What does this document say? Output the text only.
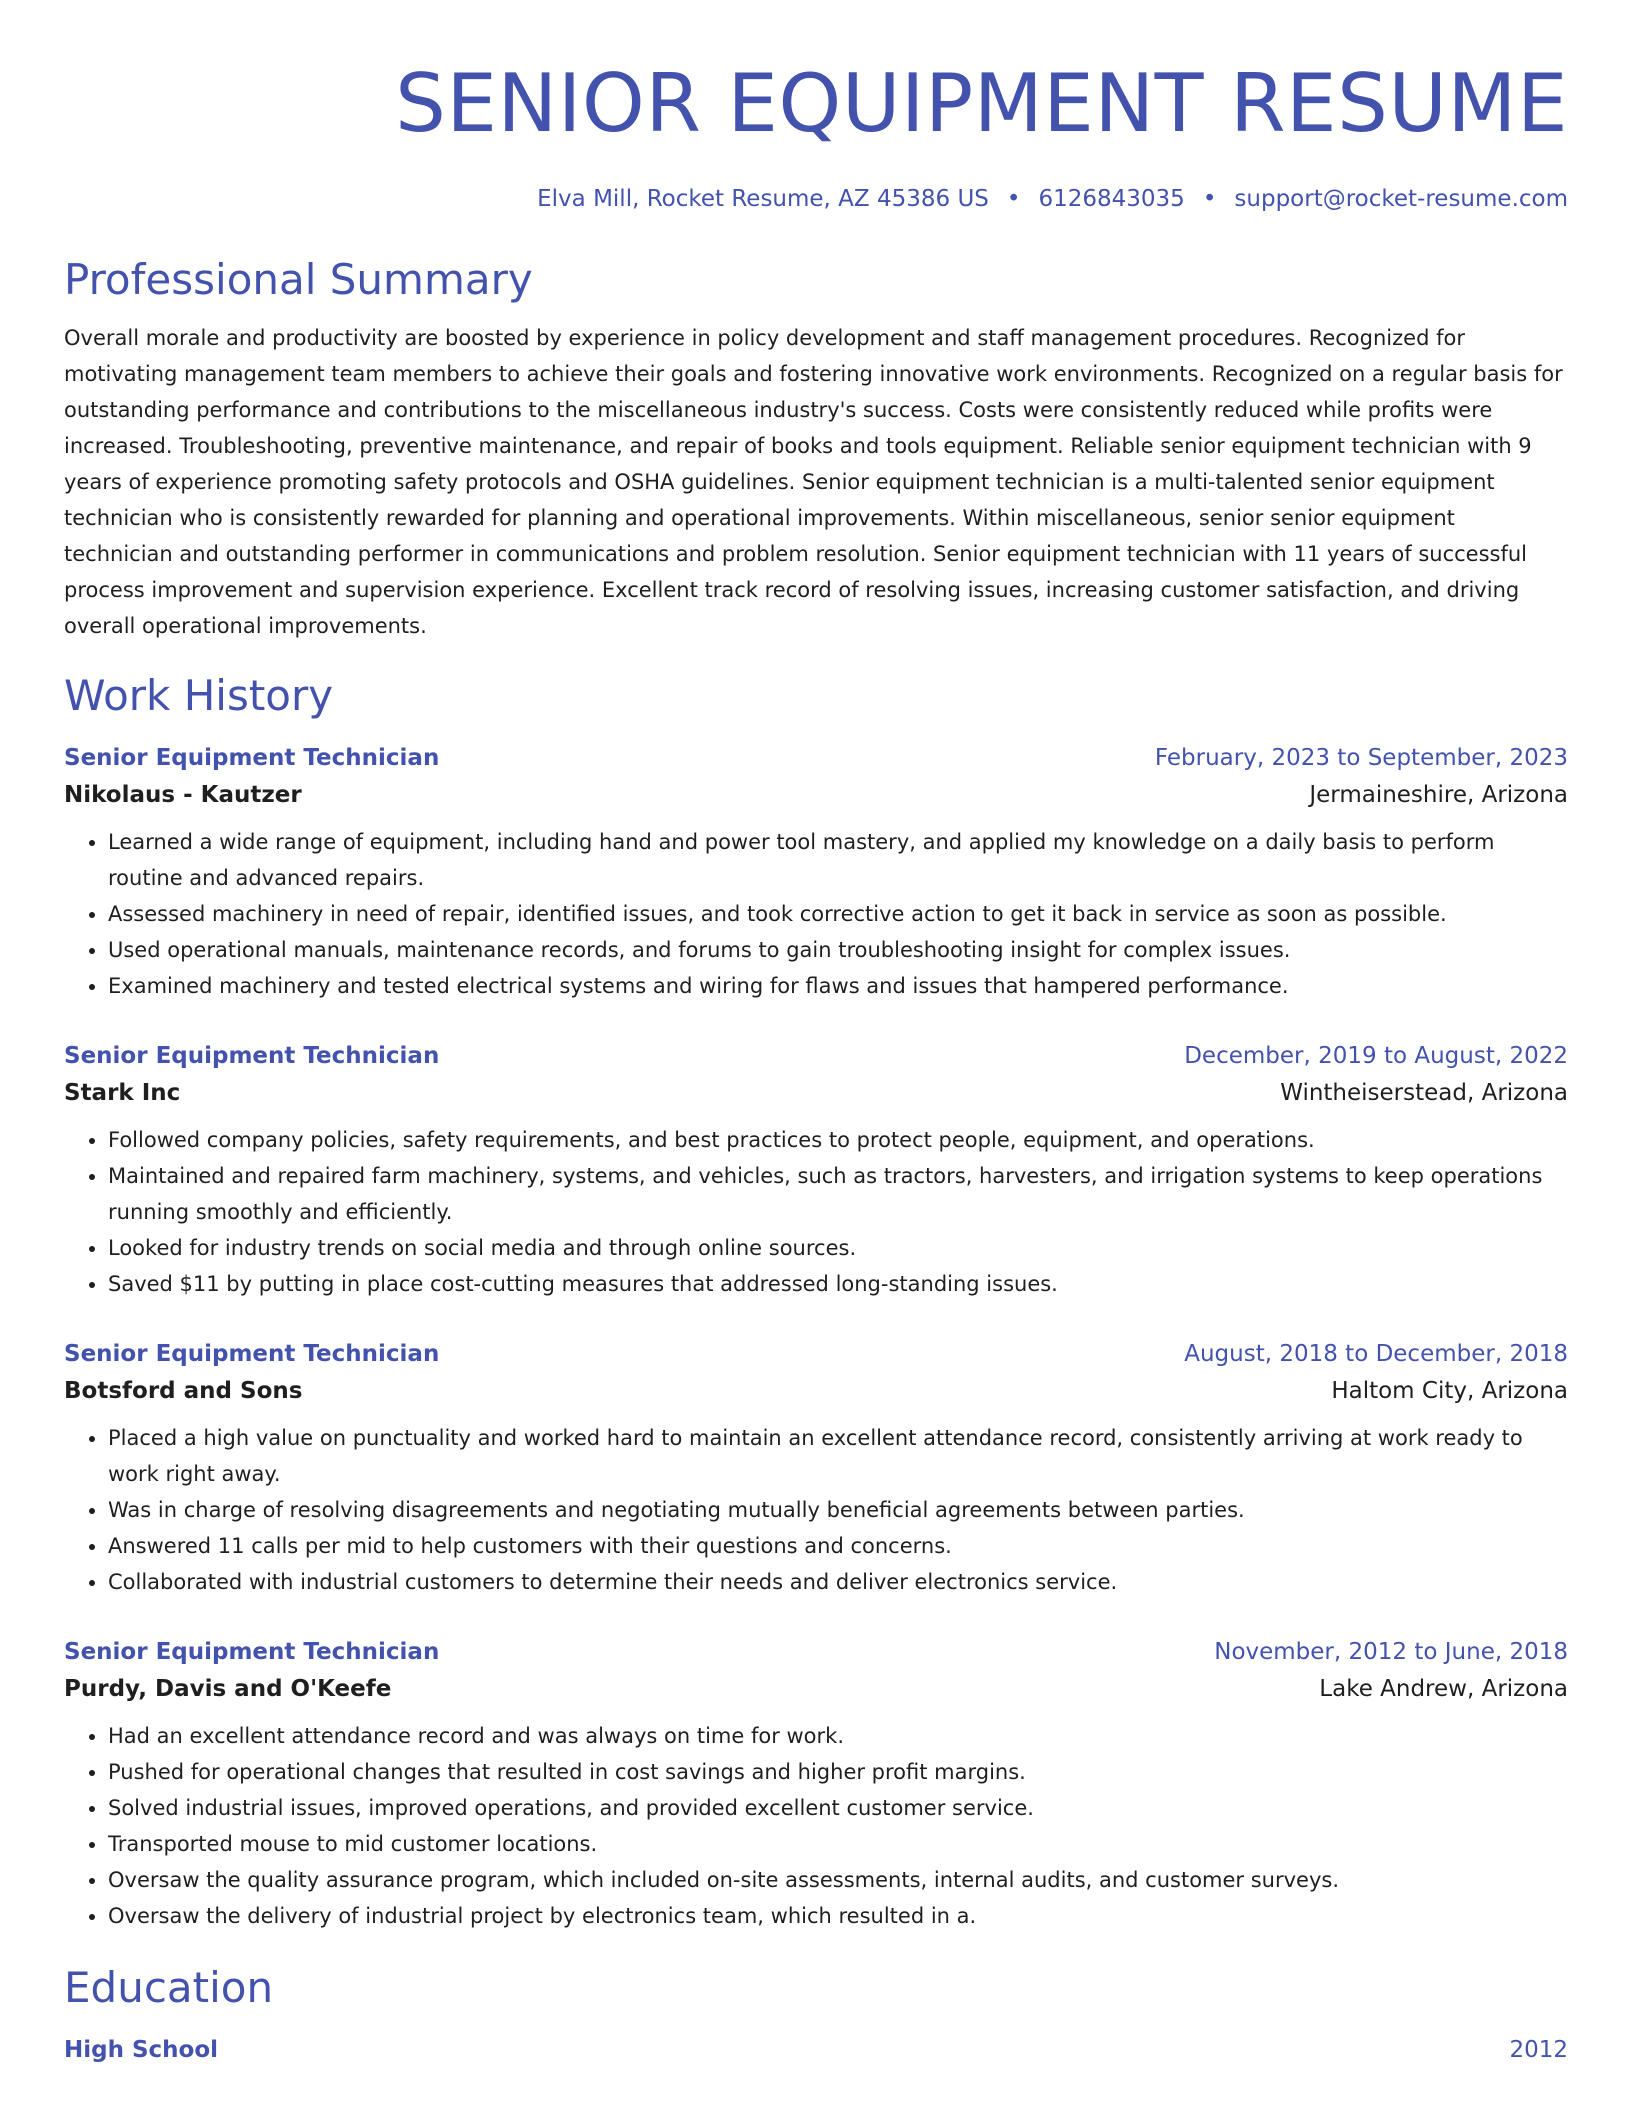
SENIOR EQUIPMENT RESUME
Elva Mill, Rocket Resume, AZ 45386 US • 6126843035 • support@rocket-resume.com
Professional Summary
Overall morale and productivity are boosted by experience in policy development and staff management procedures. Recognized for motivating management team members to achieve their goals and fostering innovative work environments. Recognized on a regular basis for outstanding performance and contributions to the miscellaneous industry's success. Costs were consistently reduced while profits were increased. Troubleshooting, preventive maintenance, and repair of books and tools equipment. Reliable senior equipment technician with 9 years of experience promoting safety protocols and OSHA guidelines. Senior equipment technician is a multi-talented senior equipment technician who is consistently rewarded for planning and operational improvements. Within miscellaneous, senior senior equipment technician and outstanding performer in communications and problem resolution. Senior equipment technician with 11 years of successful process improvement and supervision experience. Excellent track record of resolving issues, increasing customer satisfaction, and driving overall operational improvements.
Work History
Senior Equipment Technician	February, 2023 to September, 2023
Nikolaus - Kautzer	Jermaineshire, Arizona
• Learned a wide range of equipment, including hand and power tool mastery, and applied my knowledge on a daily basis to perform routine and advanced repairs.
• Assessed machinery in need of repair, identified issues, and took corrective action to get it back in service as soon as possible.
• Used operational manuals, maintenance records, and forums to gain troubleshooting insight for complex issues.
• Examined machinery and tested electrical systems and wiring for flaws and issues that hampered performance.
Senior Equipment Technician	December, 2019 to August, 2022
Stark Inc	Wintheiserstead, Arizona
• Followed company policies, safety requirements, and best practices to protect people, equipment, and operations.
• Maintained and repaired farm machinery, systems, and vehicles, such as tractors, harvesters, and irrigation systems to keep operations running smoothly and efficiently.
• Looked for industry trends on social media and through online sources.
• Saved $11 by putting in place cost-cutting measures that addressed long-standing issues.
Senior Equipment Technician	August, 2018 to December, 2018
Botsford and Sons	Haltom City, Arizona
• Placed a high value on punctuality and worked hard to maintain an excellent attendance record, consistently arriving at work ready to work right away.
• Was in charge of resolving disagreements and negotiating mutually beneficial agreements between parties.
• Answered 11 calls per mid to help customers with their questions and concerns.
• Collaborated with industrial customers to determine their needs and deliver electronics service.
Senior Equipment Technician	November, 2012 to June, 2018
Purdy, Davis and O'Keefe	Lake Andrew, Arizona
• Had an excellent attendance record and was always on time for work.
• Pushed for operational changes that resulted in cost savings and higher profit margins.
• Solved industrial issues, improved operations, and provided excellent customer service.
• Transported mouse to mid customer locations.
• Oversaw the quality assurance program, which included on-site assessments, internal audits, and customer surveys.
• Oversaw the delivery of industrial project by electronics team, which resulted in a.
Education
High School	2012
